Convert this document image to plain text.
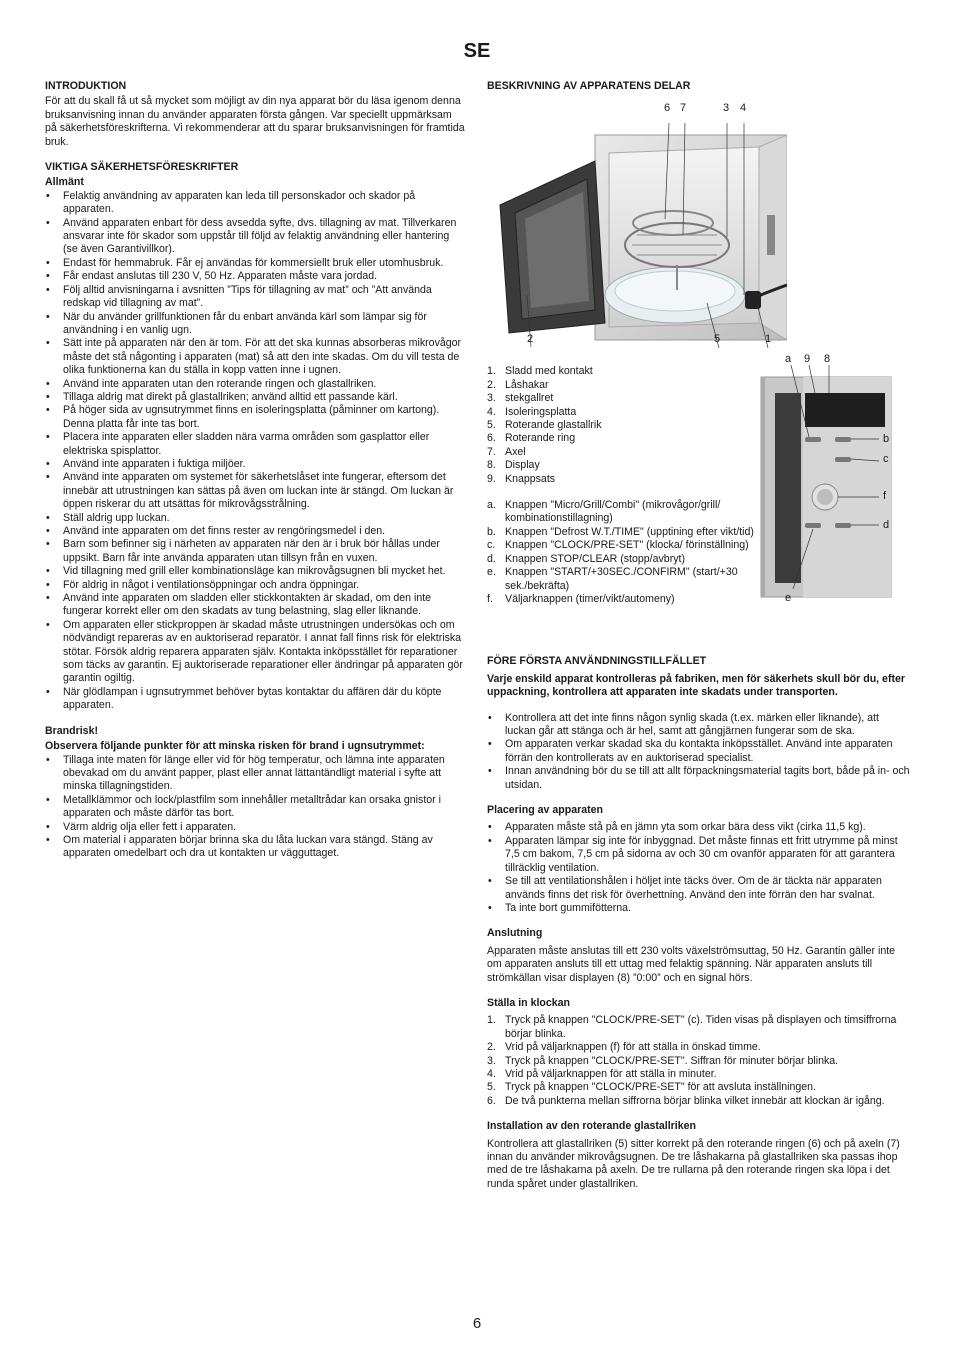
SE
INTRODUKTION

För att du skall få ut så mycket som möjligt av din nya apparat bör du läsa igenom denna bruksanvisning innan du använder apparaten första gången. Var speciellt uppmärksam på säkerhetsföreskrifterna. Vi rekommenderar att du sparar bruksanvisningen för framtida bruk.

VIKTIGA SÄKERHETSFÖRESKRIFTER
Allmänt
• Felaktig användning av apparaten kan leda till personskador och skador på apparaten.
• Använd apparaten enbart för dess avsedda syfte, dvs. tillagning av mat. Tillverkaren ansvarar inte för skador som uppstår till följd av felaktig användning eller hantering (se även Garantivillkor).
• Endast för hemmabruk. Får ej användas för kommersiellt bruk eller utomhusbruk.
• Får endast anslutas till 230 V, 50 Hz. Apparaten måste vara jordad.
• Följ alltid anvisningarna i avsnitten ”Tips för tillagning av mat” och ”Att använda redskap vid tillagning av mat”.
• När du använder grillfunktionen får du enbart använda kärl som lämpar sig för användning i en vanlig ugn.
• Sätt inte på apparaten när den är tom. För att det ska kunnas absorberas mikrovågor måste det stå någonting i apparaten (mat) så att den inte skadas. Om du vill testa de olika funktionerna kan du ställa in kopp vatten inne i ugnen.
• Använd inte apparaten utan den roterande ringen och glastallriken.
• Tillaga aldrig mat direkt på glastallriken; använd alltid ett passande kärl.
• På höger sida av ugnsutrymmet finns en isoleringsplatta (påminner om kartong). Denna platta får inte tas bort.
• Placera inte apparaten eller sladden nära varma områden som gasplattor eller elektriska spisplattor.
• Använd inte apparaten i fuktiga miljöer.
• Använd inte apparaten om systemet för säkerhetslåset inte fungerar, eftersom det innebär att utrustningen kan sättas på även om luckan inte är stängd. Om luckan är öppen riskerar du att utsättas för mikrovågsstrålning.
• Ställ aldrig upp luckan.
• Använd inte apparaten om det finns rester av rengöringsmedel i den.
• Barn som befinner sig i närheten av apparaten när den är i bruk bör hållas under uppsikt. Barn får inte använda apparaten utan tillsyn från en vuxen.
• Vid tillagning med grill eller kombinationsläge kan mikrovågsugnen bli mycket het.
• För aldrig in något i ventilationsöppningar och andra öppningar.
• Använd inte apparaten om sladden eller stickkontakten är skadad, om den inte fungerar korrekt eller om den skadats av tung belastning, slag eller liknande.
• Om apparaten eller stickproppen är skadad måste utrustningen undersökas och om nödvändigt repareras av en auktoriserad reparatör. I annat fall finns risk för elektriska stötar. Försök aldrig reparera apparaten själv. Kontakta inköpsstället för reparationer som täcks av garantin. Ej auktoriserade reparationer eller ändringar på apparaten gör garantin ogiltig.
• När glödlampan i ugnsutrymmet behöver bytas kontaktar du affären där du köpte apparaten.
Brandrisk!
Observera följande punkter för att minska risken för brand i ugnsutrymmet:
• Tillaga inte maten för länge eller vid för hög temperatur, och lämna inte apparaten obevakad om du använt papper, plast eller annat lättantändligt material i syfte att minska tillagningstiden.
• Metallklämmor och lock/plastfilm som innehåller metalltrådar kan orsaka gnistor i apparaten och måste därför tas bort.
• Värm aldrig olja eller fett i apparaten.
• Om material i apparaten börjar brinna ska du låta luckan vara stängd. Stäng av apparaten omedelbart och dra ut kontakten ur vägguttaget.
BESKRIVNING AV APPARATENS DELAR
6 7	3 4
2	5	1
1. Sladd med kontakt
2. Låshakar
3. stekgallret
4. Isoleringsplatta
5. Roterande glastallrik
6. Roterande ring
7. Axel
8. Display
9. Knappsats
a. Knappen "Micro/Grill/Combi" (mikrovågor/grill/ kombinationstillagning)
b. Knappen "Defrost W.T./TIME" (upptining efter vikt/tid)
c. Knappen "CLOCK/PRE-SET" (klocka/ förinställning)
d. Knappen STOP/CLEAR (stopp/avbryt)
e. Knappen "START/+30SEC./CONFIRM" (start/+30 sek./bekräfta)
f. Väljarknappen (timer/vikt/automeny)
a 9 8
b
c
f
d
e
FÖRE FÖRSTA ANVÄNDNINGSTILLFÄLLET

Varje enskild apparat kontrolleras på fabriken, men för säkerhets skull bör du, efter uppackning, kontrollera att apparaten inte skadats under transporten.

• Kontrollera att det inte finns någon synlig skada (t.ex. märken eller liknande), att luckan går att stänga och är hel, samt att gångjärnen fungerar som de ska.
• Om apparaten verkar skadad ska du kontakta inköpsstället. Använd inte apparaten förrän den kontrollerats av en auktoriserad specialist.
• Innan användning bör du se till att allt förpackningsmaterial tagits bort, både på in- och utsidan.
Placering av apparaten
• Apparaten måste stå på en jämn yta som orkar bära dess vikt (cirka 11,5 kg).
• Apparaten lämpar sig inte för inbyggnad. Det måste finnas ett fritt utrymme på minst 7,5 cm bakom, 7,5 cm på sidorna av och 30 cm ovanför apparaten för att garantera tillräcklig ventilation.
• Se till att ventilationshålen i höljet inte täcks över. Om de är täckta när apparaten används finns det risk för överhettning. Använd den inte förrän den har svalnat.
• Ta inte bort gummifötterna.
Anslutning

Apparaten måste anslutas till ett 230 volts växelströmsuttag, 50 Hz. Garantin gäller inte om apparaten ansluts till ett uttag med felaktig spänning. När apparaten ansluts till strömkällan visar displayen (8) ”0:00” och en signal hörs.

Ställa in klockan
1. Tryck på knappen "CLOCK/PRE-SET" (c). Tiden visas på displayen och timsiffrorna börjar blinka.
2. Vrid på väljarknappen (f) för att ställa in önskad timme.
3. Tryck på knappen "CLOCK/PRE-SET". Siffran för minuter börjar blinka.
4. Vrid på väljarknappen för att ställa in minuter.
5. Tryck på knappen "CLOCK/PRE-SET" för att avsluta inställningen.
6. De två punkterna mellan siffrorna börjar blinka vilket innebär att klockan är igång.
Installation av den roterande glastallriken

Kontrollera att glastallriken (5) sitter korrekt på den roterande ringen (6) och på axeln (7) innan du använder mikrovågsugnen. De tre låshakarna på glastallriken ska passas ihop med de tre låshakarna på axeln. De tre rullarna på den roterande ringen ska löpa i det runda spåret under glastallriken.

6
